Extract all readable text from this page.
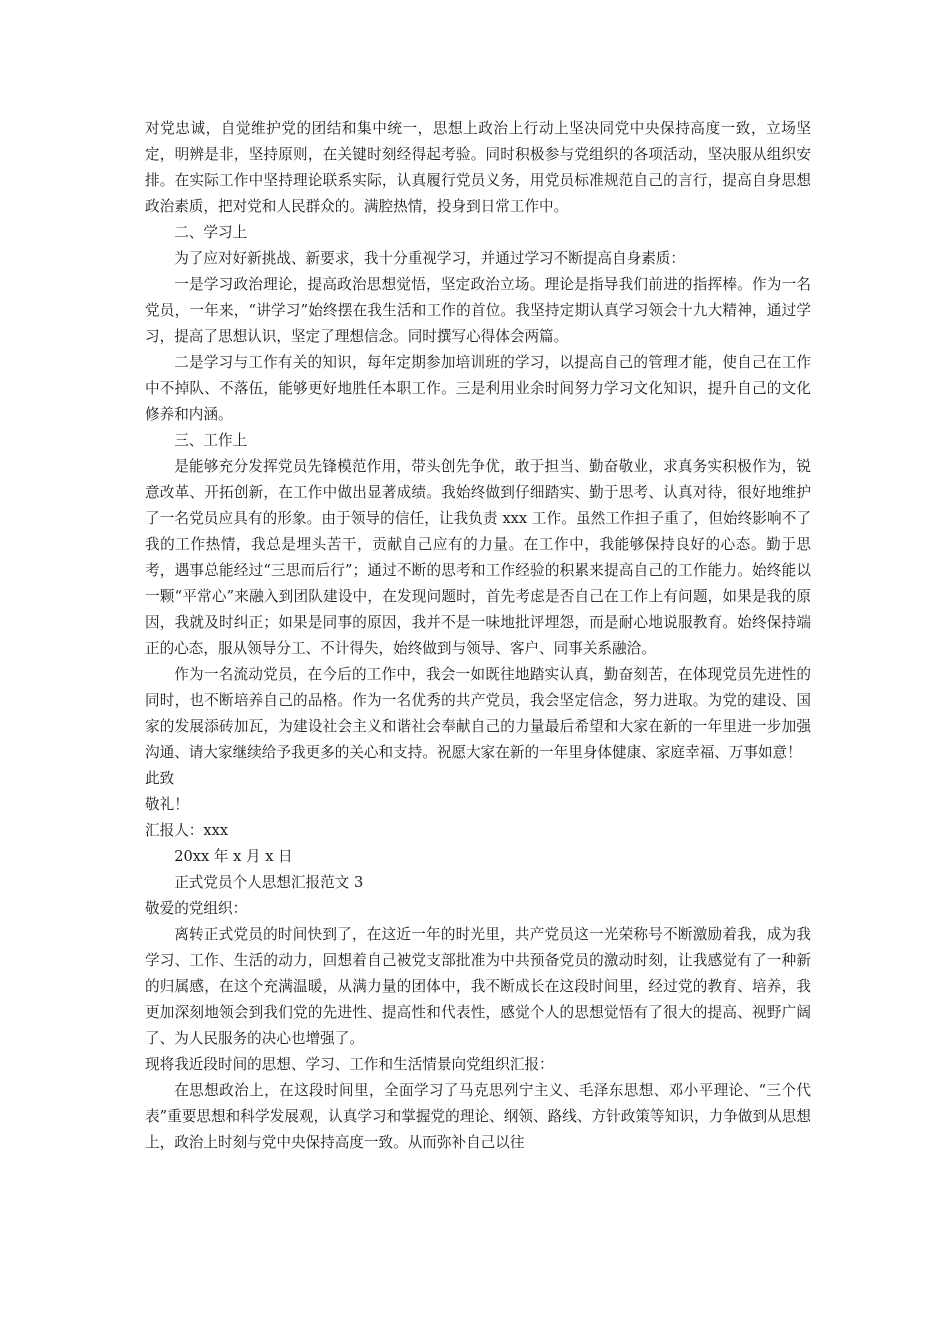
对党忠诚，自觉维护党的团结和集中统一，思想上政治上行动上坚决同党中央保持高度一致，立场坚定，明辨是非，坚持原则，在关键时刻经得起考验。同时积极参与党组织的各项活动，坚决服从组织安排。在实际工作中坚持理论联系实际，认真履行党员义务，用党员标准规范自己的言行，提高自身思想政治素质，把对党和人民群众的。满腔热情，投身到日常工作中。

二、学习上

为了应对好新挑战、新要求，我十分重视学习，并通过学习不断提高自身素质：

一是学习政治理论，提高政治思想觉悟，坚定政治立场。理论是指导我们前进的指挥棒。作为一名党员，一年来，“讲学习”始终摆在我生活和工作的首位。我坚持定期认真学习领会十九大精神，通过学习，提高了思想认识，坚定了理想信念。同时撰写心得体会两篇。

二是学习与工作有关的知识，每年定期参加培训班的学习，以提高自己的管理才能，使自己在工作中不掉队、不落伍，能够更好地胜任本职工作。三是利用业余时间努力学习文化知识，提升自己的文化修养和内涵。

三、工作上

是能够充分发挥党员先锋模范作用，带头创先争优，敢于担当、勤奋敬业，求真务实积极作为，锐意改革、开拓创新，在工作中做出显著成绩。我始终做到仔细踏实、勤于思考、认真对待，很好地维护了一名党员应具有的形象。由于领导的信任，让我负责 xxx 工作。虽然工作担子重了，但始终影响不了我的工作热情，我总是埋头苦干，贡献自己应有的力量。在工作中，我能够保持良好的心态。勤于思考，遇事总能经过“三思而后行”；通过不断的思考和工作经验的积累来提高自己的工作能力。始终能以一颗“平常心”来融入到团队建设中，在发现问题时，首先考虑是否自己在工作上有问题，如果是我的原因，我就及时纠正；如果是同事的原因，我并不是一味地批评埋怨，而是耐心地说服教育。始终保持端正的心态，服从领导分工、不计得失，始终做到与领导、客户、同事关系融洽。

作为一名流动党员，在今后的工作中，我会一如既往地踏实认真，勤奋刻苦，在体现党员先进性的同时，也不断培养自己的品格。作为一名优秀的共产党员，我会坚定信念，努力进取。为党的建设、国家的发展添砖加瓦，为建设社会主义和谐社会奉献自己的力量最后希望和大家在新的一年里进一步加强沟通、请大家继续给予我更多的关心和支持。祝愿大家在新的一年里身体健康、家庭幸福、万事如意！

此致

敬礼！

汇报人：xxx

20xx 年 x 月 x 日

正式党员个人思想汇报范文 3

敬爱的党组织：

离转正式党员的时间快到了，在这近一年的时光里，共产党员这一光荣称号不断激励着我，成为我学习、工作、生活的动力，回想着自己被党支部批准为中共预备党员的激动时刻，让我感觉有了一种新的归属感，在这个充满温暖，从满力量的团体中，我不断成长在这段时间里，经过党的教育、培养，我更加深刻地领会到我们党的先进性、提高性和代表性，感觉个人的思想觉悟有了很大的提高、视野广阔了、为人民服务的决心也增强了。

现将我近段时间的思想、学习、工作和生活情景向党组织汇报：

在思想政治上，在这段时间里，全面学习了马克思列宁主义、毛泽东思想、邓小平理论、“三个代表”重要思想和科学发展观，认真学习和掌握党的理论、纲领、路线、方针政策等知识，力争做到从思想上，政治上时刻与党中央保持高度一致。从而弥补自己以往
